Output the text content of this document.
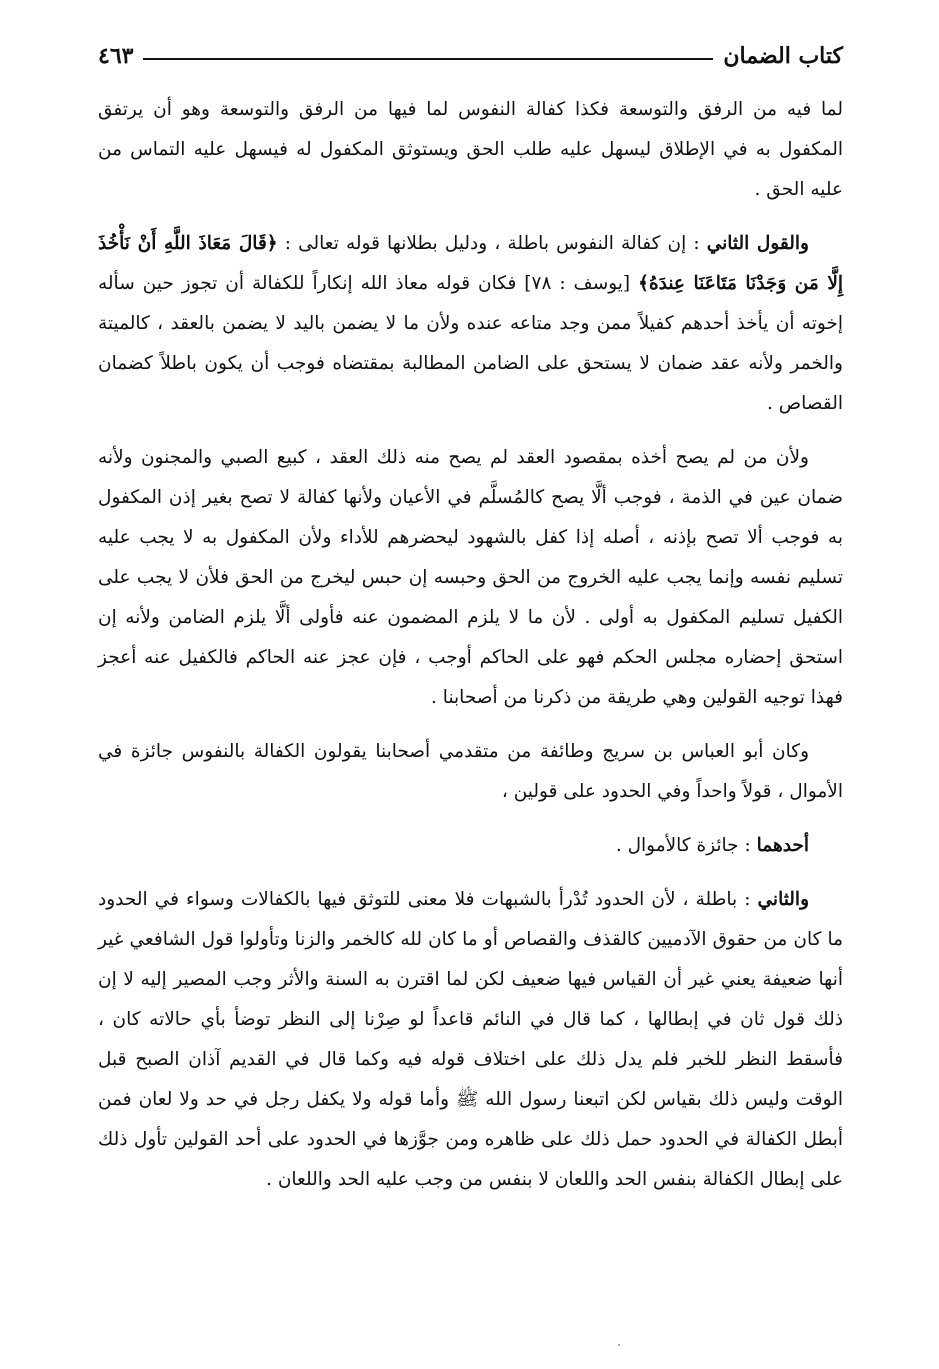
كتاب الضمان
٤٦٣

لما فيه من الرفق والتوسعة فكذا كفالة النفوس لما فيها من الرفق والتوسعة وهو أن يرتفق المكفول به في الإطلاق ليسهل عليه طلب الحق ويستوثق المكفول له فيسهل عليه التماس من عليه الحق .

والقول الثاني : إن كفالة النفوس باطلة ، ودليل بطلانها قوله تعالى : ﴿قَالَ مَعَاذَ اللَّهِ أَنْ نَأْخُذَ إِلَّا مَن وَجَدْنَا مَتَاعَنَا عِندَهُ﴾ [يوسف : ٧٨] فكان قوله معاذ الله إنكاراً للكفالة أن تجوز حين سأله إخوته أن يأخذ أحدهم كفيلاً ممن وجد متاعه عنده ولأن ما لا يضمن باليد لا يضمن بالعقد ، كالميتة والخمر ولأنه عقد ضمان لا يستحق على الضامن المطالبة بمقتضاه فوجب أن يكون باطلاً كضمان القصاص .

ولأن من لم يصح أخذه بمقصود العقد لم يصح منه ذلك العقد ، كبيع الصبي والمجنون ولأنه ضمان عين في الذمة ، فوجب ألَّا يصح كالمُسلَّم في الأعيان ولأنها كفالة لا تصح بغير إذن المكفول به فوجب ألا تصح بإذنه ، أصله إذا كفل بالشهود ليحضرهم للأداء ولأن المكفول به لا يجب عليه تسليم نفسه وإنما يجب عليه الخروج من الحق وحبسه إن حبس ليخرج من الحق فلأن لا يجب على الكفيل تسليم المكفول به أولى . لأن ما لا يلزم المضمون عنه فأولى ألَّا يلزم الضامن ولأنه إن استحق إحضاره مجلس الحكم فهو على الحاكم أوجب ، فإن عجز عنه الحاكم فالكفيل عنه أعجز فهذا توجيه القولين وهي طريقة من ذكرنا من أصحابنا .

وكان أبو العباس بن سريج وطائفة من متقدمي أصحابنا يقولون الكفالة بالنفوس جائزة في الأموال ، قولاً واحداً وفي الحدود على قولين ،

أحدهما : جائزة كالأموال .

والثاني : باطلة ، لأن الحدود تُدْرأ بالشبهات فلا معنى للتوثق فيها بالكفالات وسواء في الحدود ما كان من حقوق الآدميين كالقذف والقصاص أو ما كان لله كالخمر والزنا وتأولوا قول الشافعي غير أنها ضعيفة يعني غير أن القياس فيها ضعيف لكن لما اقترن به السنة والأثر وجب المصير إليه لا إن ذلك قول ثان في إبطالها ، كما قال في النائم قاعداً لو صِرْنا إلى النظر توضأ بأي حالاته كان ، فأسقط النظر للخبر فلم يدل ذلك على اختلاف قوله فيه وكما قال في القديم آذان الصبح قبل الوقت وليس ذلك بقياس لكن اتبعنا رسول الله ﷺ وأما قوله ولا يكفل رجل في حد ولا لعان فمن أبطل الكفالة في الحدود حمل ذلك على ظاهره ومن جوَّزها في الحدود على أحد القولين تأول ذلك على إبطال الكفالة بنفس الحد واللعان لا بنفس من وجب عليه الحد واللعان .
